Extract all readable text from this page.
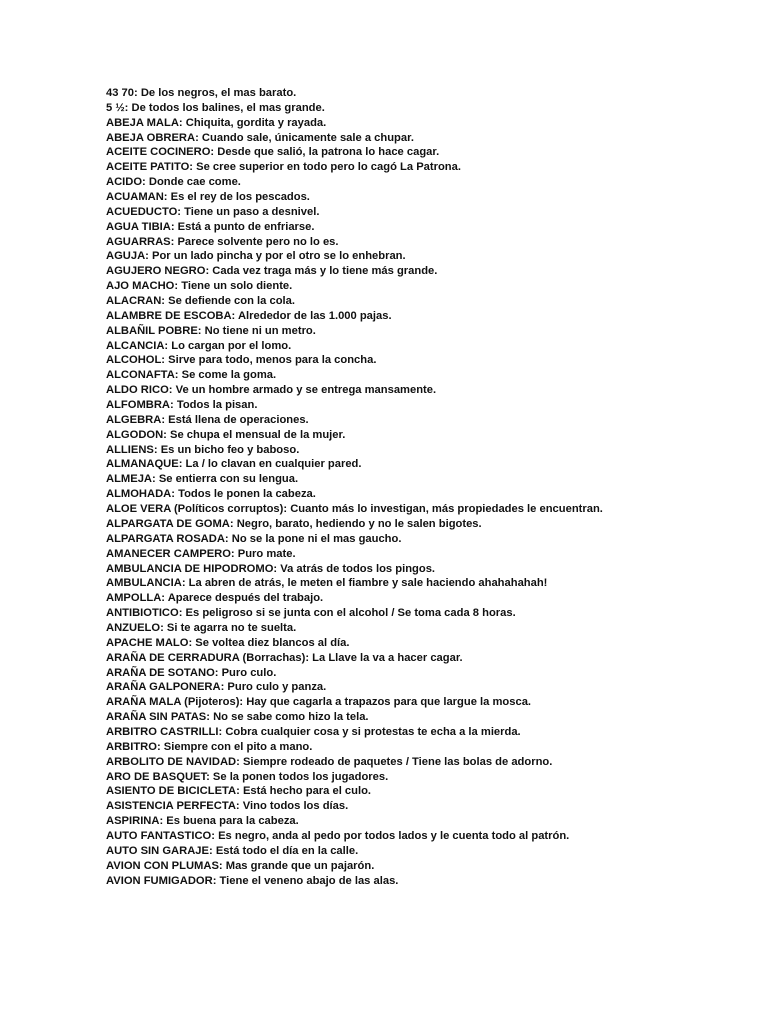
43 70: De los negros, el mas barato.
5 ½: De todos los balines, el mas grande.
ABEJA MALA: Chiquita, gordita y rayada.
ABEJA OBRERA: Cuando sale, únicamente sale a chupar.
ACEITE COCINERO: Desde que salió, la patrona lo hace cagar.
ACEITE PATITO: Se cree superior en todo pero lo cagó La Patrona.
ACIDO: Donde cae come.
ACUAMAN: Es el rey de los pescados.
ACUEDUCTO: Tiene un paso a desnivel.
AGUA TIBIA: Está a punto de enfriarse.
AGUARRAS: Parece solvente pero no lo es.
AGUJA: Por un lado pincha y por el otro se lo enhebran.
AGUJERO NEGRO: Cada vez traga más y lo tiene más grande.
AJO MACHO: Tiene un solo diente.
ALACRAN: Se defiende con la cola.
ALAMBRE DE ESCOBA: Alrededor de las 1.000 pajas.
ALBAÑIL POBRE: No tiene ni un metro.
ALCANCIA: Lo cargan por el lomo.
ALCOHOL: Sirve para todo, menos para la concha.
ALCONAFTA: Se come la goma.
ALDO RICO: Ve un hombre armado y se entrega mansamente.
ALFOMBRA: Todos la pisan.
ALGEBRA: Está llena de operaciones.
ALGODON: Se chupa el mensual de la mujer.
ALLIENS: Es un bicho feo y baboso.
ALMANAQUE: La / lo clavan en cualquier pared.
ALMEJA: Se entierra con su lengua.
ALMOHADA: Todos le ponen la cabeza.
ALOE VERA (Políticos corruptos): Cuanto más lo investigan, más propiedades le encuentran.
ALPARGATA DE GOMA: Negro, barato, hediendo y no le salen bigotes.
ALPARGATA ROSADA: No se la pone ni el mas gaucho.
AMANECER CAMPERO: Puro mate.
AMBULANCIA DE HIPODROMO: Va atrás de todos los pingos.
AMBULANCIA: La abren de atrás, le meten el fiambre y sale haciendo ahahahahah!
AMPOLLA: Aparece después del trabajo.
ANTIBIOTICO: Es peligroso si se junta con el alcohol / Se toma cada 8 horas.
ANZUELO: Si te agarra no te suelta.
APACHE MALO: Se voltea diez blancos al día.
ARAÑA DE CERRADURA (Borrachas): La Llave la va a hacer cagar.
ARAÑA DE SOTANO: Puro culo.
ARAÑA GALPONERA: Puro culo y panza.
ARAÑA MALA (Pijoteros): Hay que cagarla a trapazos para que largue la mosca.
ARAÑA SIN PATAS: No se sabe como hizo la tela.
ARBITRO CASTRILLI: Cobra cualquier cosa y si protestas te echa a la mierda.
ARBITRO: Siempre con el pito a mano.
ARBOLITO DE NAVIDAD: Siempre rodeado de paquetes / Tiene las bolas de adorno.
ARO DE BASQUET: Se la ponen todos los jugadores.
ASIENTO DE BICICLETA: Está hecho para el culo.
ASISTENCIA PERFECTA: Vino todos los días.
ASPIRINA: Es buena para la cabeza.
AUTO FANTASTICO: Es negro, anda al pedo por todos lados y le cuenta todo al patrón.
AUTO SIN GARAJE: Está todo el día en la calle.
AVION CON PLUMAS: Mas grande que un pajarón.
AVION FUMIGADOR: Tiene el veneno abajo de las alas.
